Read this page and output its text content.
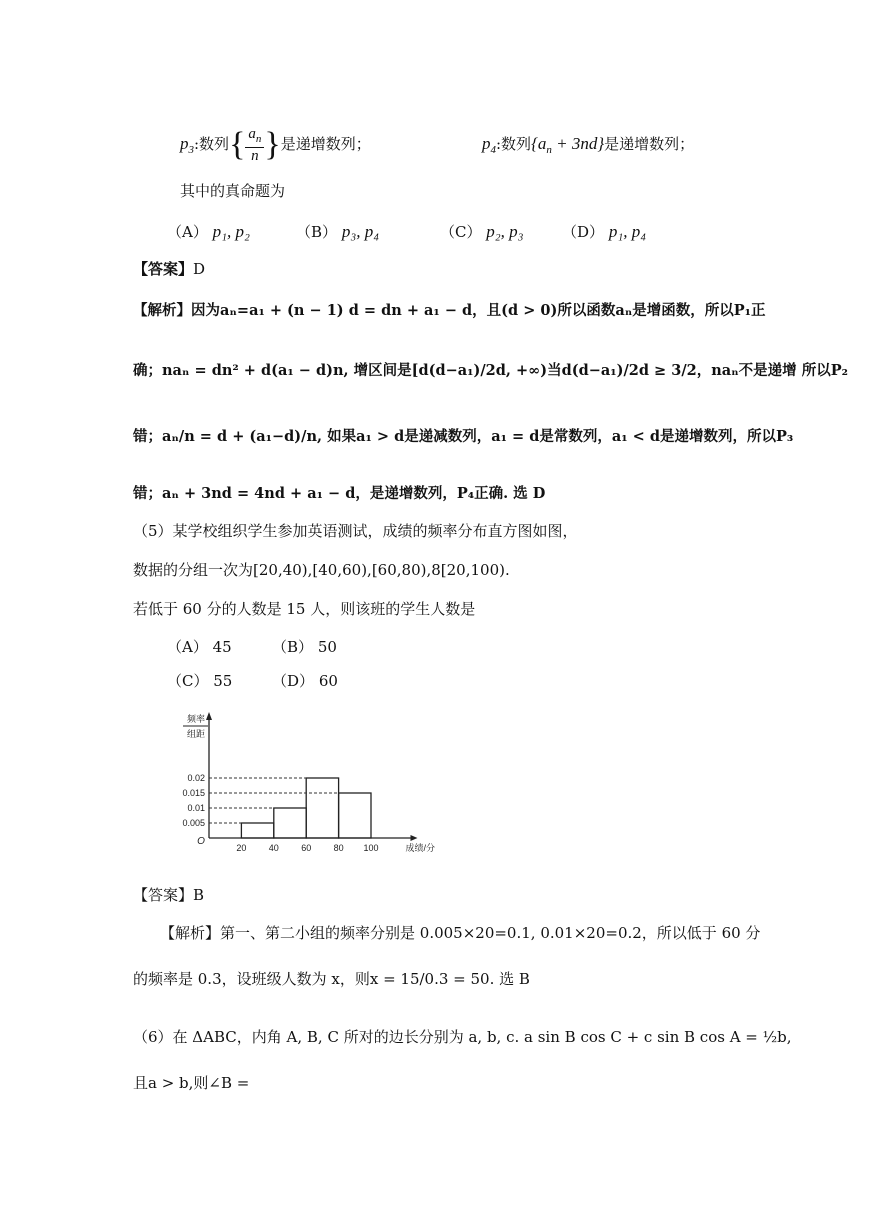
$p_3$:数列{ $\frac{a_n}{n}$ }是递增数列；	$p_4$:数列$\{a_n + 3nd\}$是递增数列；
其中的真命题为
（A） p₁, p₂	（B） p₃, p₄	（C） p₂, p₃	（D） p₁, p₄
【答案】D
【解析】因为aₙ=a₁ + (n − 1) d = dn + a₁ − d，且(d > 0)所以函数aₙ是增函数，所以P₁正
确；naₙ = dn² + d(a₁ − d)n, 增区间是[d(d−a₁)/2d, +∞)当d(d−a₁)/2d ≥ 3/2，naₙ不是递增 所以P₂
错；aₙ/n = d + (a₁−d)/n, 如果a₁ > d是递减数列，a₁ = d是常数列，a₁ < d是递增数列，所以P₃
错；aₙ + 3nd = 4nd + a₁ − d，是递增数列，P₄正确. 选 D
（5）某学校组织学生参加英语测试，成绩的频率分布直方图如图，
数据的分组一次为[20,40),[40,60),[60,80),8[20,100).
若低于 60 分的人数是 15 人，则该班的学生人数是
（A） 45	（B） 50
（C） 55	（D） 60
0.005
0.01
0.015
0.02
20 40 60 80 100
O
成绩/分
频率
组距
【答案】B
【解析】第一、第二小组的频率分别是 0.005×20=0.1, 0.01×20=0.2，所以低于 60 分
的频率是 0.3，设班级人数为 x，则x = 15/0.3 = 50. 选 B
（6）在 ΔABC，内角 A, B, C 所对的边长分别为 a, b, c. a sin B cos C + c sin B cos A = ½b,
且a > b,则∠B =
